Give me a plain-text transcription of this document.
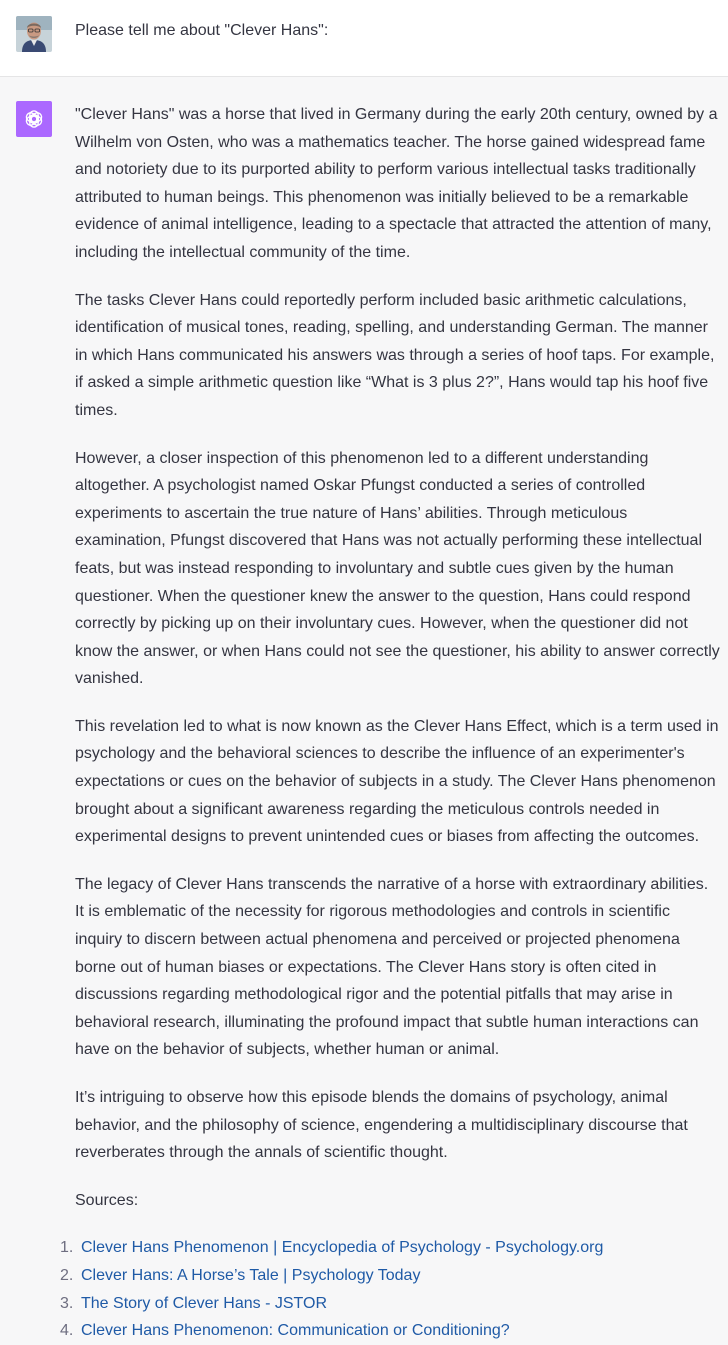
Please tell me about "Clever Hans":

"Clever Hans" was a horse that lived in Germany during the early 20th century, owned by a Wilhelm von Osten, who was a mathematics teacher. The horse gained widespread fame and notoriety due to its purported ability to perform various intellectual tasks traditionally attributed to human beings. This phenomenon was initially believed to be a remarkable evidence of animal intelligence, leading to a spectacle that attracted the attention of many, including the intellectual community of the time.

The tasks Clever Hans could reportedly perform included basic arithmetic calculations, identification of musical tones, reading, spelling, and understanding German. The manner in which Hans communicated his answers was through a series of hoof taps. For example, if asked a simple arithmetic question like “What is 3 plus 2?”, Hans would tap his hoof five times.

However, a closer inspection of this phenomenon led to a different understanding altogether. A psychologist named Oskar Pfungst conducted a series of controlled experiments to ascertain the true nature of Hans’ abilities. Through meticulous examination, Pfungst discovered that Hans was not actually performing these intellectual feats, but was instead responding to involuntary and subtle cues given by the human questioner. When the questioner knew the answer to the question, Hans could respond correctly by picking up on their involuntary cues. However, when the questioner did not know the answer, or when Hans could not see the questioner, his ability to answer correctly vanished.

This revelation led to what is now known as the Clever Hans Effect, which is a term used in psychology and the behavioral sciences to describe the influence of an experimenter's expectations or cues on the behavior of subjects in a study. The Clever Hans phenomenon brought about a significant awareness regarding the meticulous controls needed in experimental designs to prevent unintended cues or biases from affecting the outcomes.

The legacy of Clever Hans transcends the narrative of a horse with extraordinary abilities. It is emblematic of the necessity for rigorous methodologies and controls in scientific inquiry to discern between actual phenomena and perceived or projected phenomena borne out of human biases or expectations. The Clever Hans story is often cited in discussions regarding methodological rigor and the potential pitfalls that may arise in behavioral research, illuminating the profound impact that subtle human interactions can have on the behavior of subjects, whether human or animal.

It’s intriguing to observe how this episode blends the domains of psychology, animal behavior, and the philosophy of science, engendering a multidisciplinary discourse that reverberates through the annals of scientific thought.

Sources:

1. Clever Hans Phenomenon | Encyclopedia of Psychology - Psychology.org
2. Clever Hans: A Horse’s Tale | Psychology Today
3. The Story of Clever Hans - JSTOR
4. Clever Hans Phenomenon: Communication or Conditioning?
